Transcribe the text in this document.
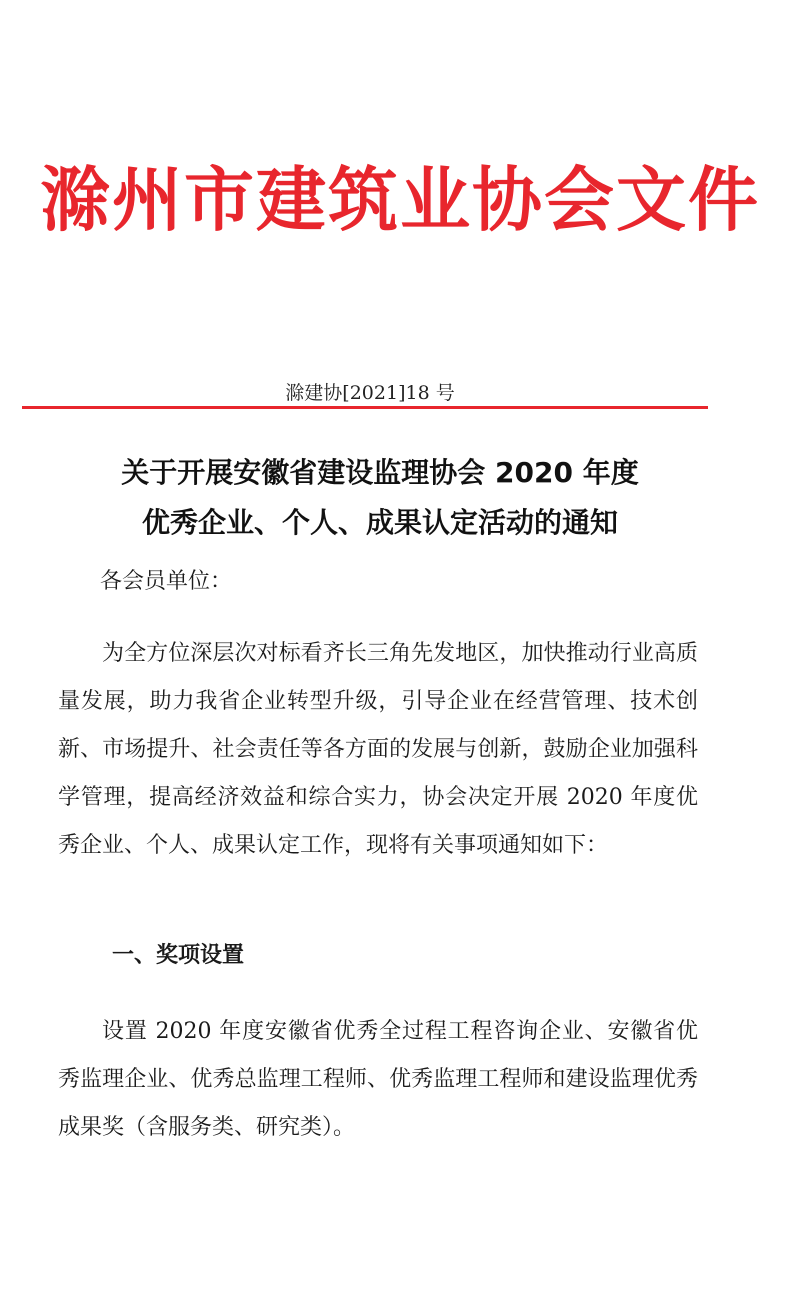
滁州市建筑业协会文件
滁建协[2021]18 号
关于开展安徽省建设监理协会 2020 年度
优秀企业、个人、成果认定活动的通知
各会员单位：

为全方位深层次对标看齐长三角先发地区，加快推动行业高质量发展，助力我省企业转型升级，引导企业在经营管理、技术创新、市场提升、社会责任等各方面的发展与创新，鼓励企业加强科学管理，提高经济效益和综合实力，协会决定开展 2020 年度优秀企业、个人、成果认定工作，现将有关事项通知如下：

一、奖项设置

设置 2020 年度安徽省优秀全过程工程咨询企业、安徽省优秀监理企业、优秀总监理工程师、优秀监理工程师和建设监理优秀成果奖（含服务类、研究类）。
